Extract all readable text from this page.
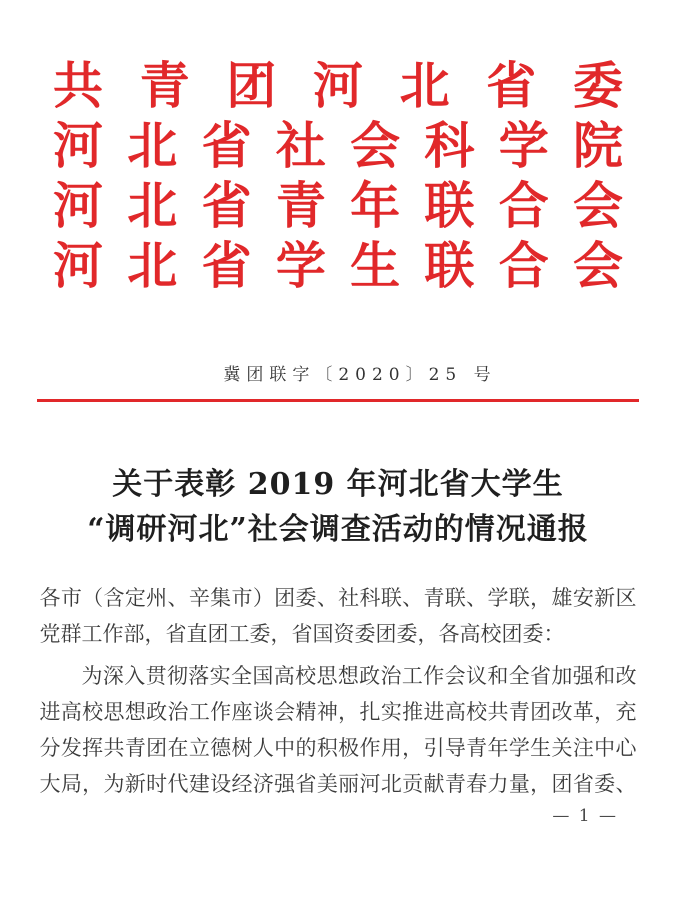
共 青 团 河 北 省 委
河 北 省 社 会 科 学 院
河 北 省 青 年 联 合 会
河 北 省 学 生 联 合 会
冀团联字〔2020〕25 号
关于表彰 2019 年河北省大学生
“调研河北”社会调查活动的情况通报

各市（含定州、辛集市）团委、社科联、青联、学联，雄安新区
党群工作部，省直团工委，省国资委团委，各高校团委：

为深入贯彻落实全国高校思想政治工作会议和全省加强和改
进高校思想政治工作座谈会精神，扎实推进高校共青团改革，充
分发挥共青团在立德树人中的积极作用，引导青年学生关注中心
大局，为新时代建设经济强省美丽河北贡献青春力量，团省委、

— 1 —
